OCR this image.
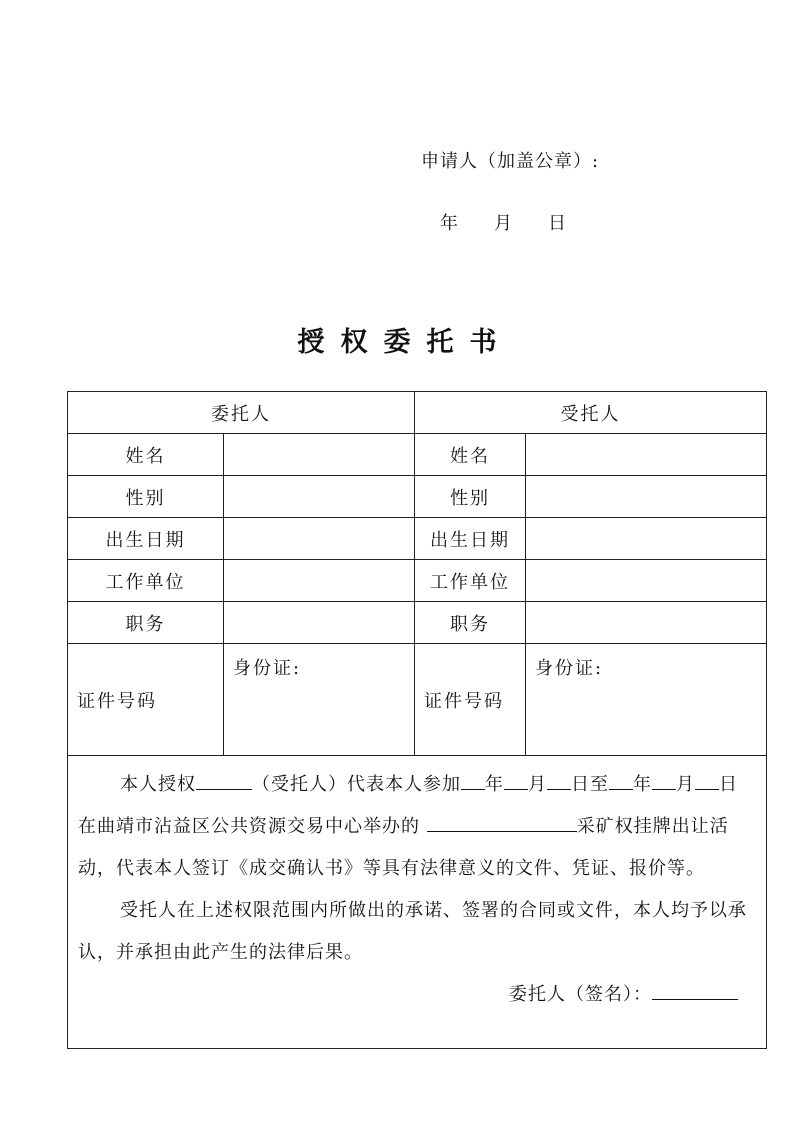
申请人（加盖公章）:
年 月 日
授权委托书
委托人		受托人	
姓名		姓名	
性别		性别	
出生日期		出生日期	
工作单位		工作单位	
职务		职务	
证件号码	身份证:	证件号码	身份证:

本人授权 （受托人）代表本人参加 年 月 日至 年 月 日在曲靖市沾益区公共资源交易中心举办的 采矿权挂牌出让活动，代表本人签订《成交确认书》等具有法律意义的文件、凭证、报价等。

受托人在上述权限范围内所做出的承诺、签署的合同或文件，本人均予以承认，并承担由此产生的法律后果。

委托人（签名）：			
